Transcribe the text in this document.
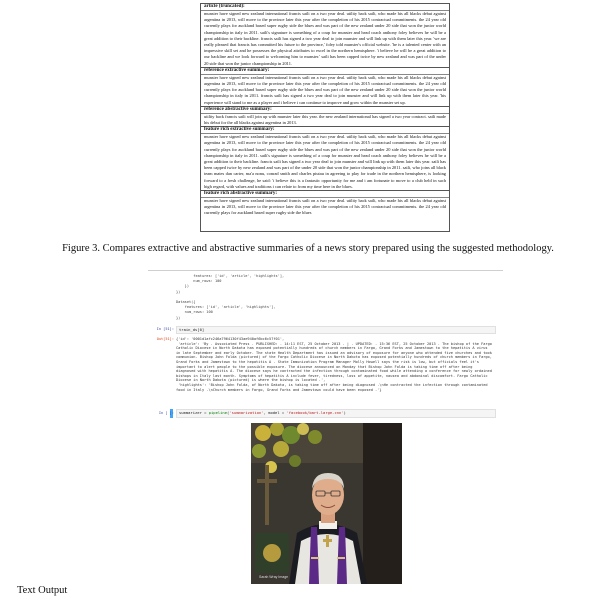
article (truncated):
munster have signed new zealand international francis saili on a two year deal. utility back saili, who made his all blacks debut against argentina in 2013, will move to the province later this year after the completion of his 2015 contractual commitments. the 24 year old currently plays for auckland based super rugby side the blues and was part of the new zealand under 20 side that won the junior world championship in italy in 2011. saili's signature is something of a coup for munster and head coach anthony foley believes he will be a great addition to their backline. francis saili has signed a two year deal to join munster and will link up with them later this year. 'we are really pleased that francis has committed his future to the province,' foley told munster's official website. 'he is a talented center with an impressive skill set and he possesses the physical attributes to excel in the northern hemisphere. 'i believe he will be a great addition to our backline and we look forward to welcoming him to munster.' saili has been capped twice by new zealand and was part of the under 20 side that won the junior championship in 2011.
reference extractive summary:
munster have signed new zealand international francis saili on a two year deal. utility back saili, who made his all blacks debut against argentina in 2013, will move to the province later this year after the completion of his 2015 contractual commitments. the 24 year old currently plays for auckland based super rugby side the blues and was part of the new zealand under 20 side that won the junior world championship in italy in 2011. francis saili has signed a two year deal to join munster and will link up with them later this year. 'his experience will stand to me as a player and i believe i can continue to improve and grow within the munster set up.
reference abstractive summary:
utility back francis saili will join up with munster later this year. the new zealand international has signed a two year contract. saili made his debut for the all blacks against argentina in 2013.
feature rich extractive summary:
munster have signed new zealand international francis saili on a two year deal. utility back saili, who made his all blacks debut against argentina in 2013, will move to the province later this year after the completion of his 2015 contractual commitments. the 24 year old currently plays for auckland based super rugby side the blues and was part of the new zealand under 20 side that won the junior world championship in italy in 2011. saili's signature is something of a coup for munster and head coach anthony foley believes he will be a great addition to their backline. francis saili has signed a two year deal to join munster and will link up with them later this year. saili has been capped twice by new zealand and was part of the under 20 side that won the junior championship in 2011. saili, who joins all black team mates dan carter, ma'a nonu, conrad smith and charles piutau in agreeing to play for trade in the northern hemisphere, is looking forward to a fresh challenge, he said: 'i believe this is a fantastic opportunity for me and i am fortunate to move to a club held in such high regard, with values and traditions i can relate to from my time here in the blues.
feature rich abstractive summary:
munster have signed new zealand international francis saili on a two year deal. utility back saili, who made his all blacks debut against argentina in 2013, will move to the province later this year after the completion of his 2015 contractual commitments. the 24 year old currently plays for auckland based super rugby side the blues
Figure 3. Compares extractive and abstractive summaries of a news story prepared using the suggested methodology.
features: ['id', 'article', 'highlights'],
num_rows: 100
})
})

Dataset({
features: ['id', 'article', 'highlights'],
num_rows: 100
})
In [51]:	train_ds[0]
Out[51]: {'id': '0001d1afc246a7964130f43ae940af6bc6c57f01',
'article': 'By . Associated Press . PUBLISHED: . 14:11 EST, 25 October 2013 . | . UPDATED: . 15:36 EST, 25 October 2013 . The bishop of the Fargo Catholic Diocese in North Dakota has exposed potentially hundreds of church members in Fargo, Grand Forks and Jamestown to the hepatitis A virus in late September and early October. The state Health Department has issued an advisory of exposure for anyone who attended five churches and took communion. Bishop John Folda (pictured) of the Fargo Catholic Diocese in North Dakota has exposed potentially hundreds of church members in Fargo, Grand Forks and Jamestown to the hepatitis A . State Immunization Program Manager Molly Howell says the risk is low, but officials feel it's important to alert people to the possible exposure. The diocese announced on Monday that Bishop John Folda is taking time off after being diagnosed with hepatitis A. The diocese says he contracted the infection through contaminated food while attending a conference for newly ordained bishops in Italy last month. Symptoms of hepatitis A include fever, tiredness, loss of appetite, nausea and abdominal discomfort. Fargo Catholic Diocese in North Dakota (pictured) is where the bishop is located .',
'highlights': 'Bishop John Folda, of North Dakota, is taking time off after being diagnosed .\nHe contracted the infection through contaminated food in Italy .\nChurch members in Fargo, Grand Forks and Jamestown could have been exposed .'}
In [ ]:	summarizer = pipeline('summarization', model = 'facebook/bart-large-cnn')
Sarah Wray Image
Text Output
